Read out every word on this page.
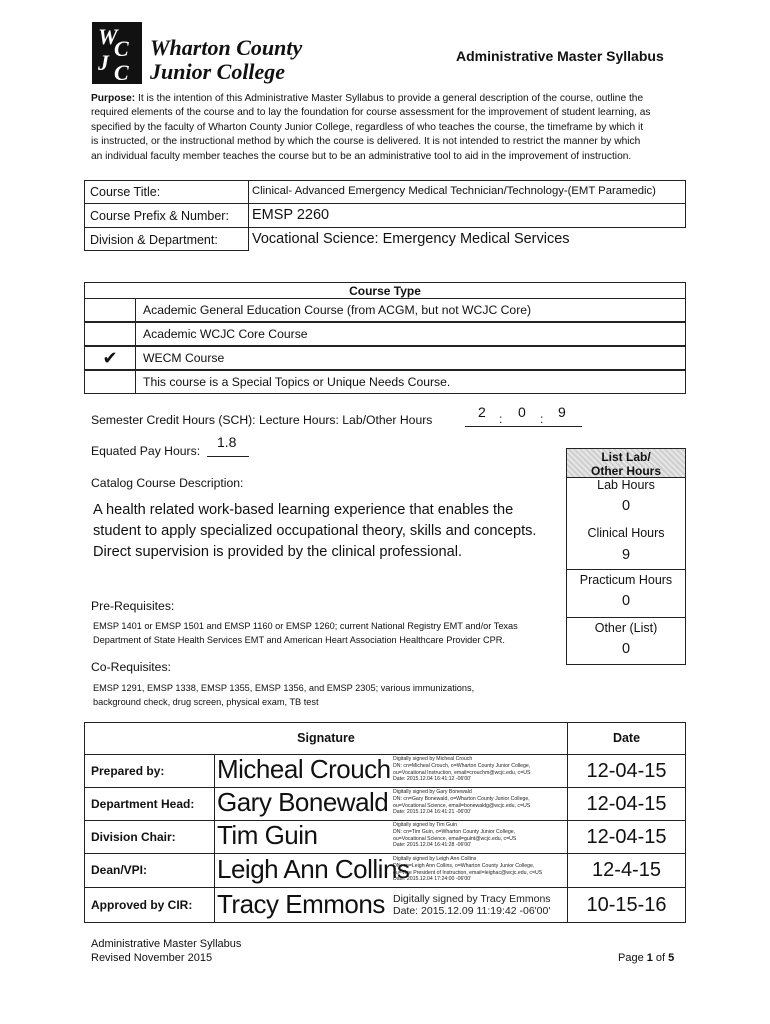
W
C
J C
Wharton County
Junior College
Administrative Master Syllabus
Purpose: It is the intention of this Administrative Master Syllabus to provide a general description of the course, outline the
required elements of the course and to lay the foundation for course assessment for the improvement of student learning, as
specified by the faculty of Wharton County Junior College, regardless of who teaches the course, the timeframe by which it
is instructed, or the instructional method by which the course is delivered. It is not intended to restrict the manner by which
an individual faculty member teaches the course but to be an administrative tool to aid in the improvement of instruction.
Course Title:	Clinical- Advanced Emergency Medical Technician/Technology-(EMT Paramedic)
Course Prefix & Number:	EMSP 2260
Division & Department:	Vocational Science: Emergency Medical Services
Course Type
Academic General Education Course (from ACGM, but not WCJC Core)
Academic WCJC Core Course
✔	WECM Course
This course is a Special Topics or Unique Needs Course.
Semester Credit Hours (SCH): Lecture Hours: Lab/Other Hours	2 : 0 : 9
Equated Pay Hours:
1.8
List Lab/
Other Hours
Lab Hours
0
Clinical Hours
9
Practicum Hours
0
Other (List)
0
Catalog Course Description:
A health related work-based learning experience that enables the
student to apply specialized occupational theory, skills and concepts.
Direct supervision is provided by the clinical professional.
Pre-Requisites:
EMSP 1401 or EMSP 1501 and EMSP 1160 or EMSP 1260; current National Registry EMT and/or Texas
Department of State Health Services EMT and American Heart Association Healthcare Provider CPR.
Co-Requisites:
EMSP 1291, EMSP 1338, EMSP 1355, EMSP 1356, and EMSP 2305; various immunizations,
background check, drug screen, physical exam, TB test
Signature	Date
Prepared by:	Micheal Crouch Digitally signed by Micheal Crouch
DN: cn=Micheal Crouch, o=Wharton County Junior College,
ou=Vocational Instruction, email=crouchm@wcjc.edu, c=US
Date: 2015.12.04 16:41:12 -06'00'	12-04-15
Department Head: Gary Bonewald Digitally signed by Gary Bonewald
DN: cn=Gary Bonewald, o=Wharton County Junior College,
ou=Vocational Science, email=bonewaldg@wcjc.edu, c=US
Date: 2015.12.04 16:41:21 -06'00'	12-04-15
Division Chair:	Tim Guin	Digitally signed by Tim Guin
DN: cn=Tim Guin, o=Wharton County Junior College,
ou=Vocational Science, email=guint@wcjc.edu, c=US
Date: 2015.12.04 16:41:28 -06'00'	12-04-15
Dean/VPI:	Leigh Ann Collins
Digitally signed by Leigh Ann Collins
DN: cn=Leigh Ann Collins, o=Wharton County Junior College,
ou=Vice President of Instruction, email=leighac@wcjc.edu, c=US
Date: 2015.12.04 17:24:00 -06'00'	12-4-15
Approved by CIR: Tracy Emmons Digitally signed by Tracy Emmons
Date: 2015.12.09 11:19:42 -06'00'	10-15-16
Administrative Master Syllabus
Revised November 2015	Page 1 of 5
